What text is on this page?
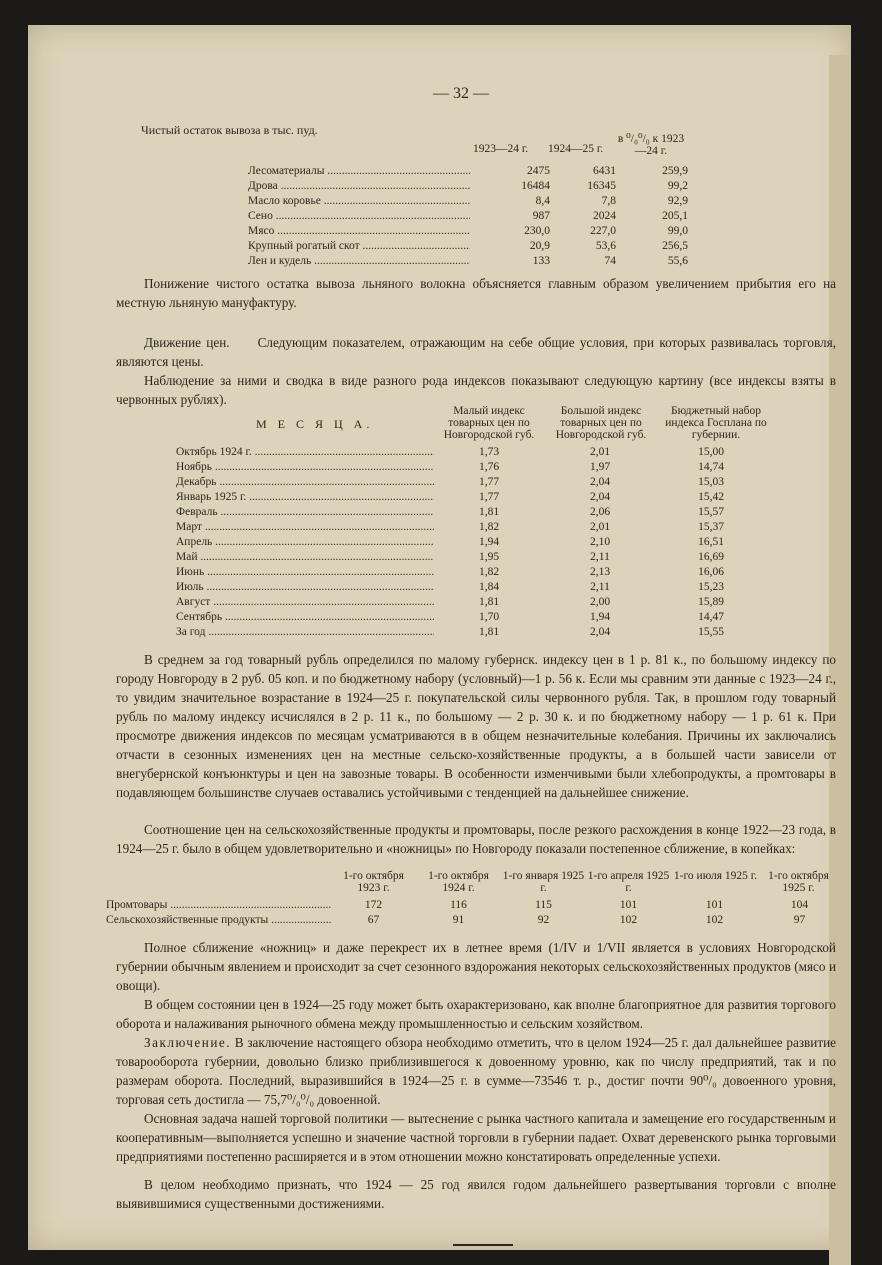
— 32 —
Чистый остаток вывоза в тыс. пуд.
1923—24 г.	1924—25 г.
в ⁰/₀⁰/₀ к 1923—24 г.
Лесоматериалы .....	2475	6431	259,9
Дрова .....	16484	16345	99,2
Масло коровье .....	8,4	7,8	92,9
Сено .....	987	2024	205,1
Мясо .....	230,0	227,0	99,0
Крупный рогатый скот .....	20,9	53,6	256,5
Лен и кудель .....	133	74	55,6
Понижение чистого остатка вывоза льняного волокна объясняется главным образом увеличением прибытия его на местную льняную мануфактуру.
Движение цен. Следующим показателем, отражающим на себе общие условия, при которых развивалась торговля, являются цены.
Наблюдение за ними и сводка в виде разного рода индексов показывают следующую картину (все индексы взяты в червонных рублях).
М Е С Я Ц А.
Малый индекс товарных цен по Новгородской губ.
Большой индекс товарных цен по Новгородской губ.
Бюджетный набор индекса Госплана по губернии.
Октябрь 1924 г. .....	1,73	2,01	15,00
Ноябрь .....	1,76	1,97	14,74
Декабрь .....	1,77	2,04	15,03
Январь 1925 г. .....	1,77	2,04	15,42
Февраль .....	1,81	2,06	15,57
Март .....	1,82	2,01	15,37
Апрель .....	1,94	2,10	16,51
Май .....	1,95	2,11	16,69
Июнь .....	1,82	2,13	16,06
Июль .....	1,84	2,11	15,23
Август .....	1,81	2,00	15,89
Сентябрь .....	1,70	1,94	14,47
За год .....	1,81	2,04	15,55
В среднем за год товарный рубль определился по малому губернск. индексу цен в 1 р. 81 к., по большому индексу по городу Новгороду в 2 руб. 05 коп. и по бюджетному набору (условный)—1 р. 56 к. Если мы сравним эти данные с 1923—24 г., то увидим значительное возрастание в 1924—25 г. покупательской силы червонного рубля. Так, в прошлом году товарный рубль по малому индексу исчислялся в 2 р. 11 к., по большому — 2 р. 30 к. и по бюджетному набору — 1 р. 61 к. При просмотре движения индексов по месяцам усматриваются в в общем незначительные колебания. Причины их заключались отчасти в сезонных изменениях цен на местные сельско-хозяйственные продукты, а в большей части зависели от внегубернской конъюнктуры и цен на завозные товары. В особенности изменчивыми были хлебопродукты, а промтовары в подавляющем большинстве случаев оставались устойчивыми с тенденцией на дальнейшее снижение.
Соотношение цен на сельскохозяйственные продукты и промтовары, после резкого расхождения в конце 1922—23 года, в 1924—25 г. было в общем удовлетворительно и «ножницы» по Новгороду показали постепенное сближение, в копейках:
1-го октября 1923 г.
1-го октября 1924 г.
1-го января 1925 г.
1-го апреля 1925 г.
1-го июля 1925 г. 1-го октября 1925 г.
Промтовары .....	172	116	115	101	101	104
Сельскохозяйственные продукты .....	67	91	92	102	102	97
Полное сближение «ножниц» и даже перекрест их в летнее время (1/IV и 1/VII является в условиях Новгородской губернии обычным явлением и происходит за счет сезонного вздорожания некоторых сельскохозяйственных продуктов (мясо и овощи).
В общем состоянии цен в 1924—25 году может быть охарактеризовано, как вполне благоприятное для развития торгового оборота и налаживания рыночного обмена между промышленностью и сельским хозяйством.
Заключение. В заключение настоящего обзора необходимо отметить, что в целом 1924—25 г. дал дальнейшее развитие товарооборота губернии, довольно близко приблизившегося к довоенному уровню, как по числу предприятий, так и по размерам оборота. Последний, выразившийся в 1924—25 г. в сумме—73546 т. р., достиг почти 90⁰/₀ довоенного уровня, торговая сеть достигла — 75,7⁰/₀⁰/₀ довоенной.
Основная задача нашей торговой политики — вытеснение с рынка частного капитала и замещение его государственным и кооперативным—выполняется успешно и значение частной торговли в губернии падает. Охват деревенского рынка торговыми предприятиями постепенно расширяется и в этом отношении можно констатировать определенные успехи.
В целом необходимо признать, что 1924 — 25 год явился годом дальнейшего развертывания торговли с вполне выявившимися существенными достижениями.
